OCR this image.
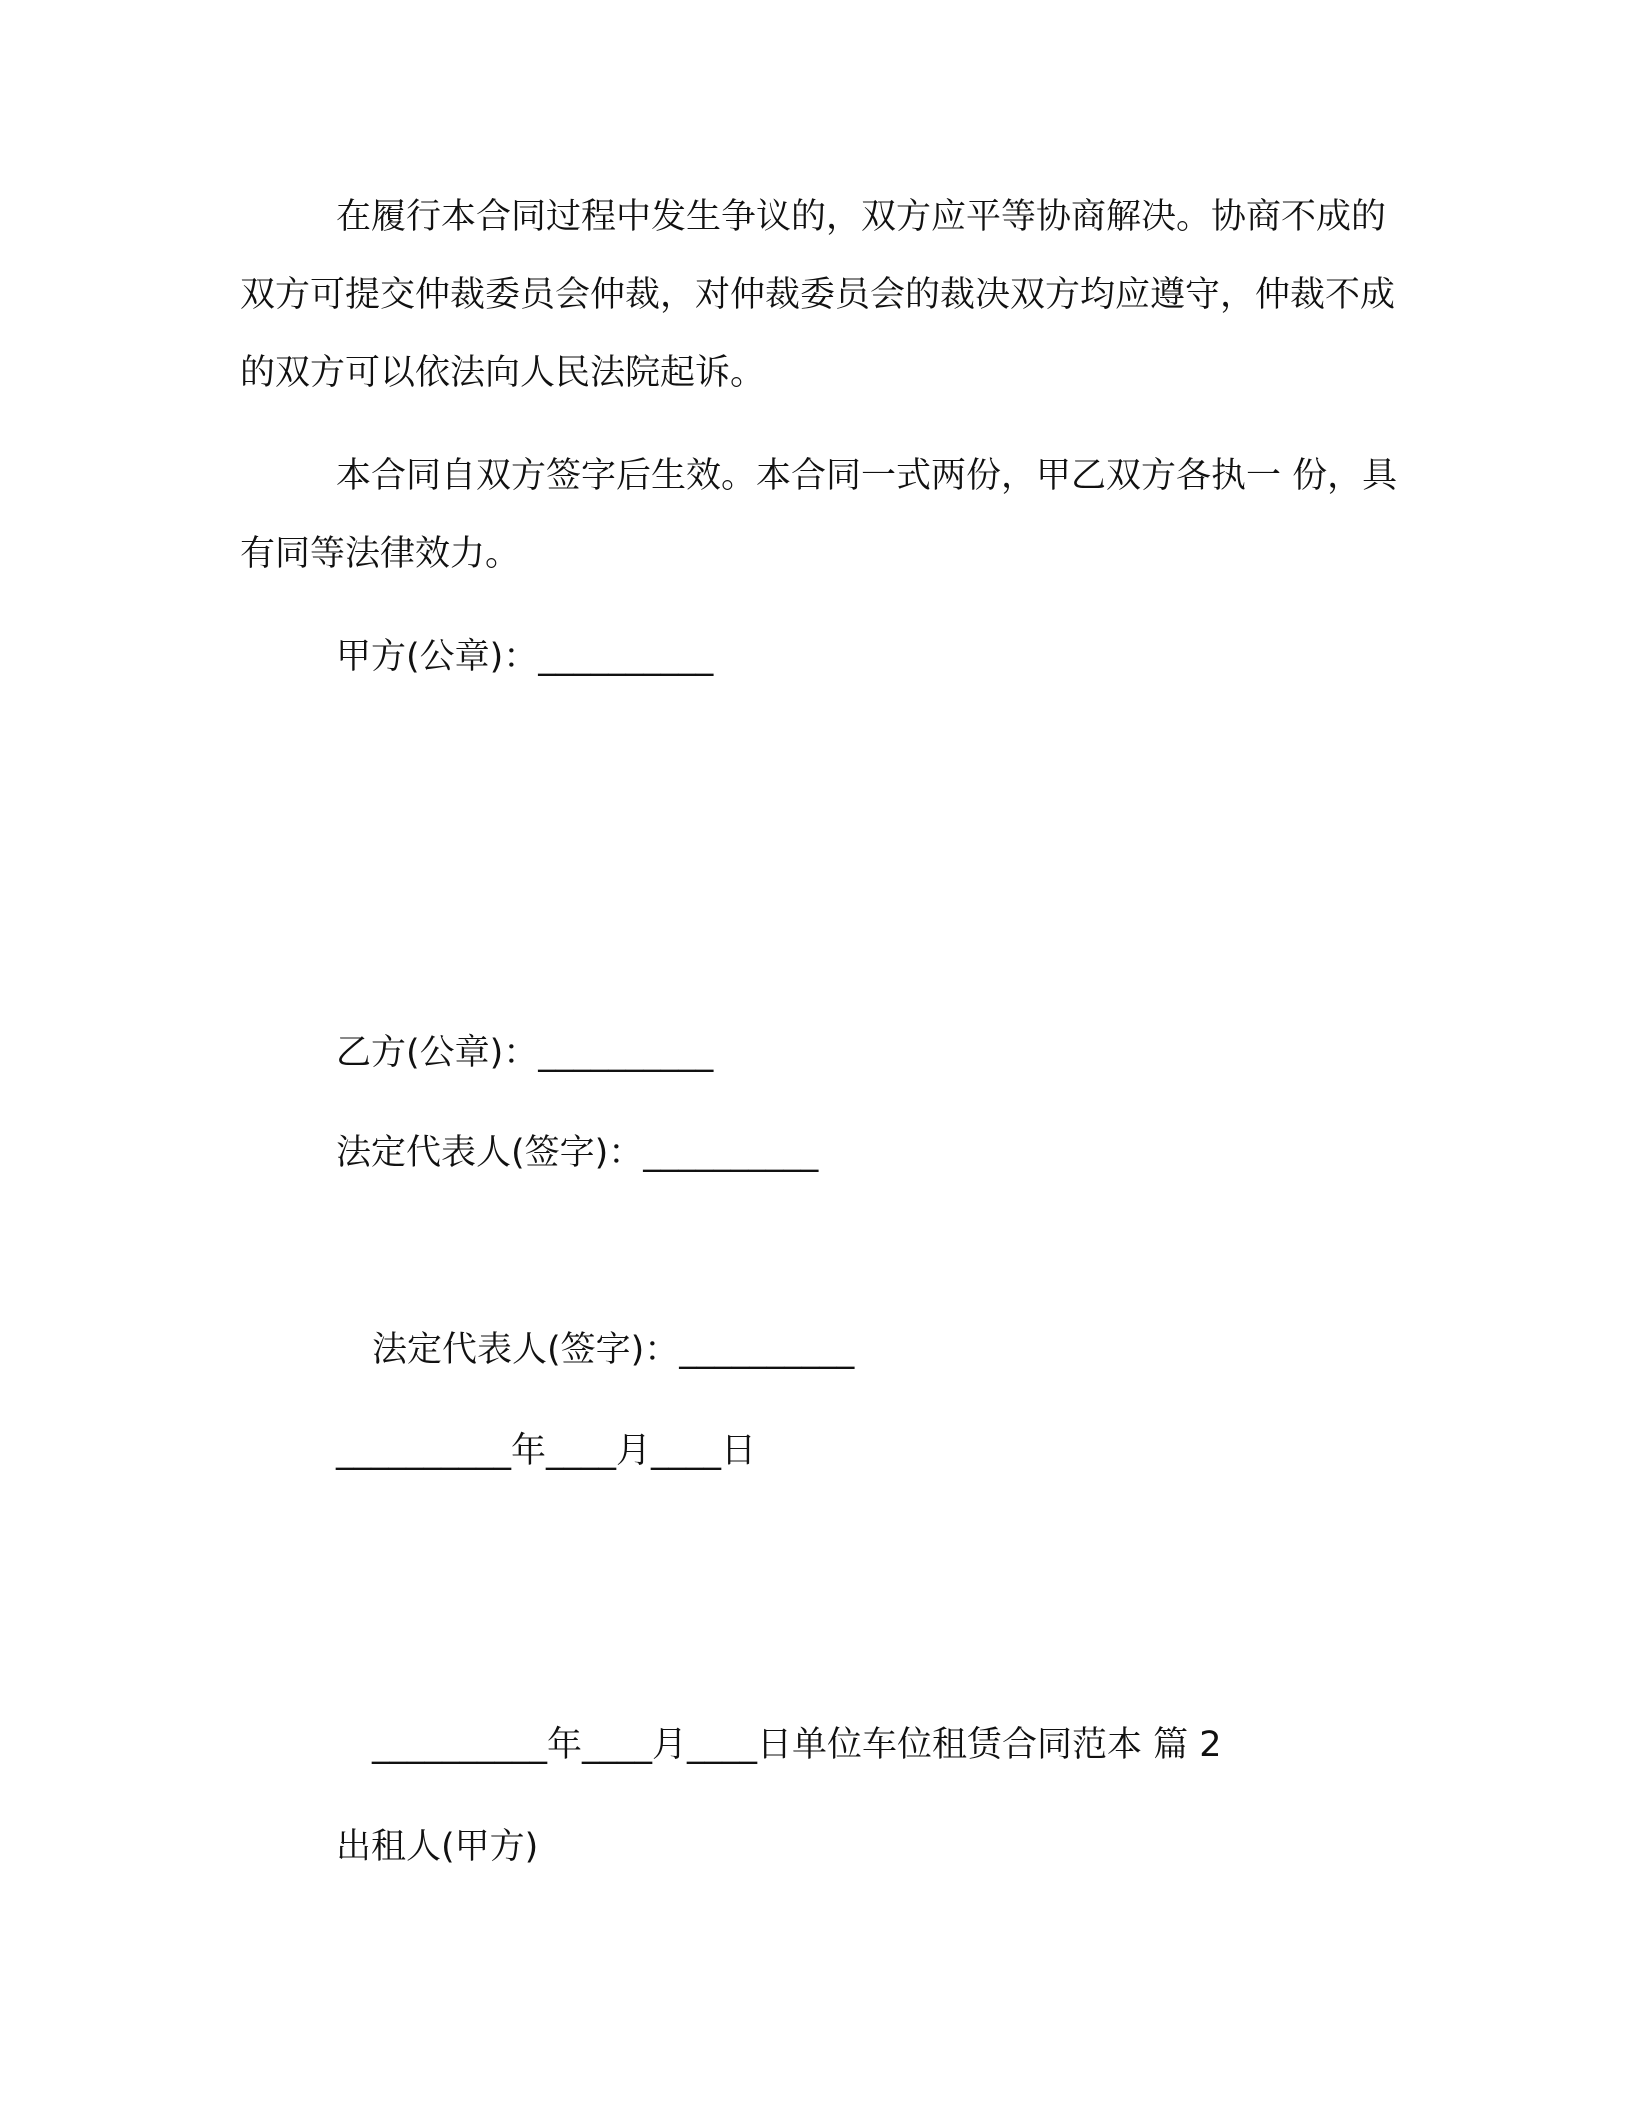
在履行本合同过程中发生争议的，双方应平等协商解决。协商不成的双方可提交仲裁委员会仲裁，对仲裁委员会的裁决双方均应遵守，仲裁不成的双方可以依法向人民法院起诉。

本合同自双方签字后生效。本合同一式两份，甲乙双方各执一 份，具有同等法律效力。

甲方(公章)：__________

乙方(公章)：__________

法定代表人(签字)：__________

法定代表人(签字)：__________

__________年____月____日

__________年____月____日单位车位租赁合同范本 篇 2

出租人(甲方)
